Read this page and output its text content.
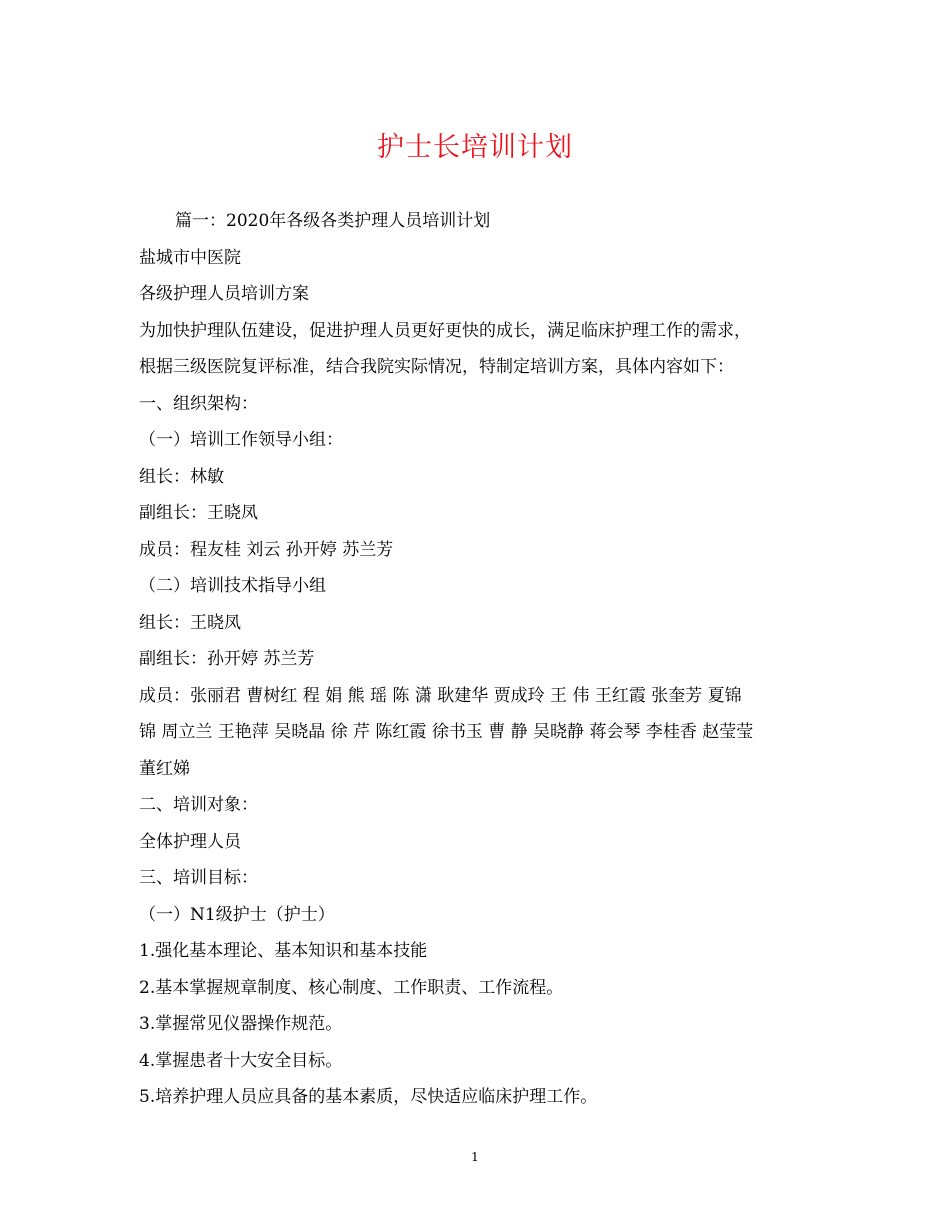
护士长培训计划
篇一：2020年各级各类护理人员培训计划
盐城市中医院
各级护理人员培训方案
为加快护理队伍建设，促进护理人员更好更快的成长，满足临床护理工作的需求，
根据三级医院复评标准，结合我院实际情况，特制定培训方案，具体内容如下：
一、组织架构：
（一）培训工作领导小组：
组长：林敏
副组长：王晓凤
成员：程友桂 刘云 孙开婷 苏兰芳
（二）培训技术指导小组
组长：王晓凤
副组长：孙开婷 苏兰芳
成员：张丽君 曹树红 程 娟 熊 瑶 陈 潇 耿建华 贾成玲 王 伟 王红霞 张奎芳 夏锦
锦 周立兰 王艳萍 吴晓晶 徐 芹 陈红霞 徐书玉 曹 静 吴晓静 蒋会琴 李桂香 赵莹莹
董红娣
二、培训对象：
全体护理人员
三、培训目标：
（一）N1级护士（护士）
1.强化基本理论、基本知识和基本技能
2.基本掌握规章制度、核心制度、工作职责、工作流程。
3.掌握常见仪器操作规范。
4.掌握患者十大安全目标。
5.培养护理人员应具备的基本素质，尽快适应临床护理工作。
1
